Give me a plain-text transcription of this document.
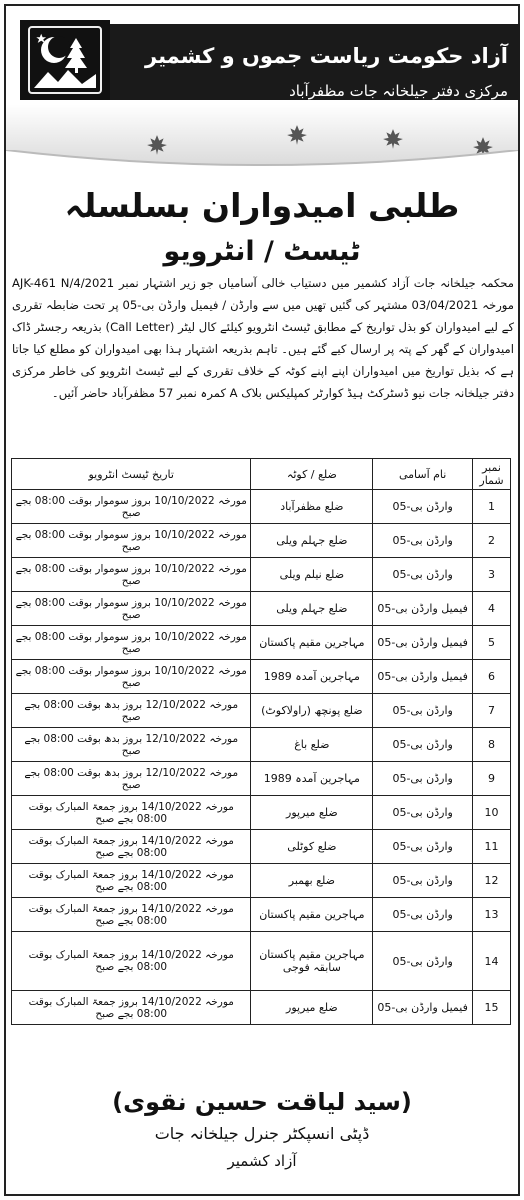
آزاد حکومت ریاست جموں و کشمیر
مرکزی دفتر جیلخانہ جات مظفرآباد
طلبی امیدواران بسلسلہ
ٹیسٹ / انٹرویو
محکمہ جیلخانہ جات آزاد کشمیر میں دستیاب خالی آسامیاں جو زیر اشتہار نمبر AJK-461 N/4/2021 مورخہ 03/04/2021 مشتہر کی گئیں تھیں میں سے وارڈن / فیمیل وارڈن بی-05 پر تحت ضابطہ تقرری کے لیے امیدواران کو بذل تواریخ کے مطابق ٹیسٹ انٹرویو کیلئے کال لیٹر (Call Letter) بذریعہ رجسٹر ڈاک امیدواران کے گھر کے پتہ پر ارسال کیے گئے ہیں۔ تاہم بذریعہ اشتہار ہذا بھی امیدواران کو مطلع کیا جاتا ہے کہ بذیل تواریخ میں امیدواران اپنے اپنے کوٹہ کے خلاف تقرری کے لیے ٹیسٹ انٹرویو کی خاطر مرکزی دفتر جیلخانہ جات نیو ڈسٹرکٹ ہیڈ کوارٹر کمپلیکس بلاک A کمرہ نمبر 57 مظفرآباد حاضر آئیں۔
نمبر شمار	نام آسامی	ضلع / کوٹہ	تاریخ ٹیسٹ انٹرویو
1	وارڈن بی-05	ضلع مظفرآباد	مورخہ 10/10/2022 بروز سوموار بوقت 08:00 بجے صبح
2	وارڈن بی-05	ضلع جہلم ویلی	مورخہ 10/10/2022 بروز سوموار بوقت 08:00 بجے صبح
3	وارڈن بی-05	ضلع نیلم ویلی	مورخہ 10/10/2022 بروز سوموار بوقت 08:00 بجے صبح
4	فیمیل وارڈن بی-05	ضلع جہلم ویلی	مورخہ 10/10/2022 بروز سوموار بوقت 08:00 بجے صبح
5	فیمیل وارڈن بی-05	مہاجرین مقیم پاکستان	مورخہ 10/10/2022 بروز سوموار بوقت 08:00 بجے صبح
6	فیمیل وارڈن بی-05	مہاجرین آمدہ 1989	مورخہ 10/10/2022 بروز سوموار بوقت 08:00 بجے صبح
7	وارڈن بی-05	ضلع پونچھ (راولاکوٹ)	مورخہ 12/10/2022 بروز بدھ بوقت 08:00 بجے صبح
8	وارڈن بی-05	ضلع باغ	مورخہ 12/10/2022 بروز بدھ بوقت 08:00 بجے صبح
9	وارڈن بی-05	مہاجرین آمدہ 1989	مورخہ 12/10/2022 بروز بدھ بوقت 08:00 بجے صبح
10	وارڈن بی-05	ضلع میرپور	مورخہ 14/10/2022 بروز جمعۃ المبارک بوقت 08:00 بجے صبح
11	وارڈن بی-05	ضلع کوٹلی	مورخہ 14/10/2022 بروز جمعۃ المبارک بوقت 08:00 بجے صبح
12	وارڈن بی-05	ضلع بھمبر	مورخہ 14/10/2022 بروز جمعۃ المبارک بوقت 08:00 بجے صبح
13	وارڈن بی-05	مہاجرین مقیم پاکستان	مورخہ 14/10/2022 بروز جمعۃ المبارک بوقت 08:00 بجے صبح
14	وارڈن بی-05	مہاجرین مقیم پاکستان سابقہ فوجی	مورخہ 14/10/2022 بروز جمعۃ المبارک بوقت 08:00 بجے صبح
15	فیمیل وارڈن بی-05	ضلع میرپور	مورخہ 14/10/2022 بروز جمعۃ المبارک بوقت 08:00 بجے صبح
(سید لیاقت حسین نقوی)
ڈپٹی انسپکٹر جنرل جیلخانہ جات
آزاد کشمیر
